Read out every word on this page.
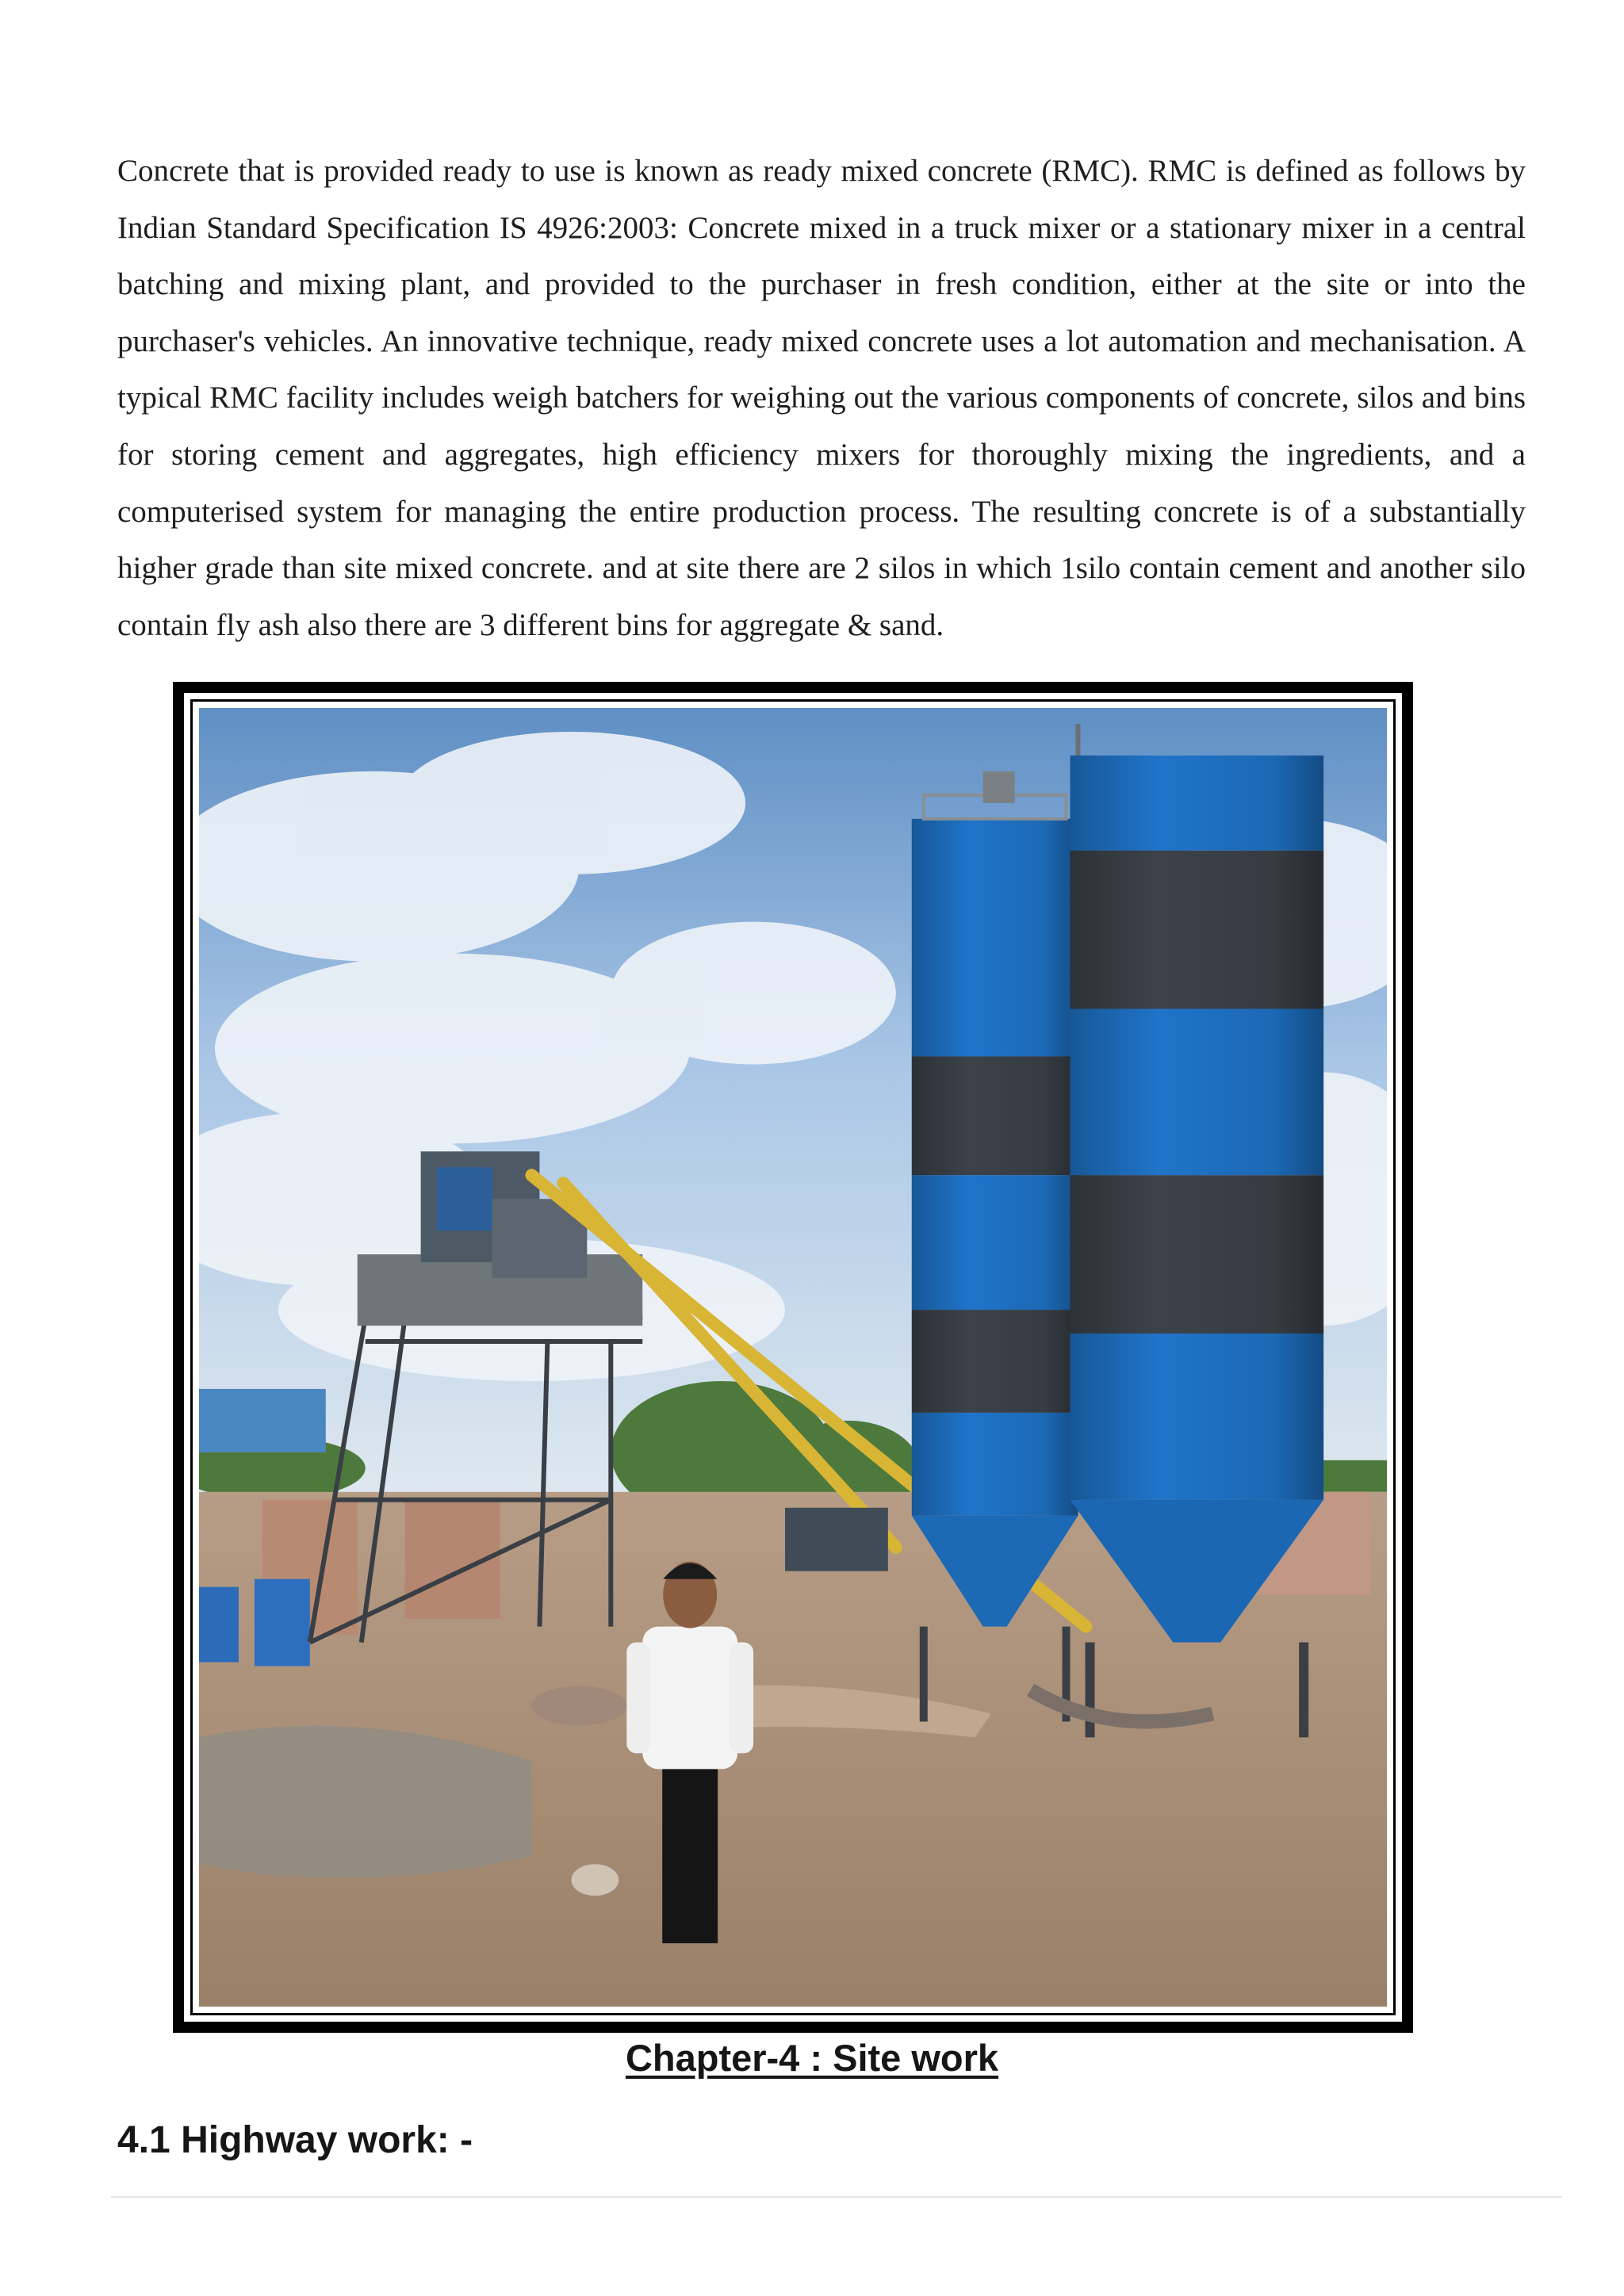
Concrete that is provided ready to use is known as ready mixed concrete (RMC). RMC is defined as follows by Indian Standard Specification IS 4926:2003: Concrete mixed in a truck mixer or a stationary mixer in a central batching and mixing plant, and provided to the purchaser in fresh condition, either at the site or into the purchaser's vehicles. An innovative technique, ready mixed concrete uses a lot automation and mechanisation. A typical RMC facility includes weigh batchers for weighing out the various components of concrete, silos and bins for storing cement and aggregates, high efficiency mixers for thoroughly mixing the ingredients, and a computerised system for managing the entire production process. The resulting concrete is of a substantially higher grade than site mixed concrete. and at site there are 2 silos in which 1silo contain cement and another silo contain fly ash also there are 3 different bins for aggregate & sand.

Chapter-4 : Site work
4.1 Highway work: -
